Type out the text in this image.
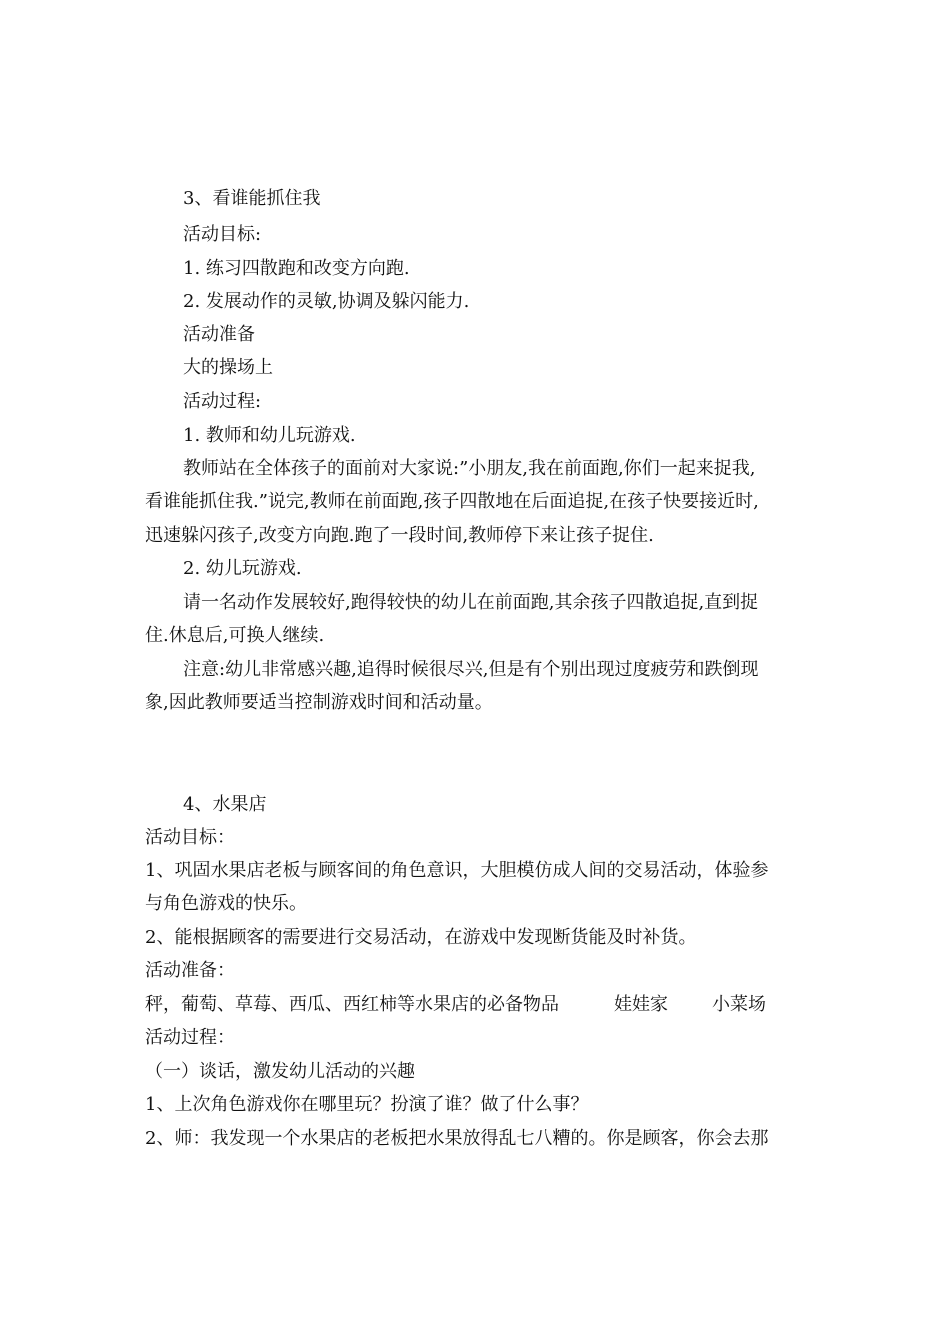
3、看谁能抓住我
活动目标:
1. 练习四散跑和改变方向跑.
2. 发展动作的灵敏,协调及躲闪能力.
活动准备
大的操场上
活动过程:
1. 教师和幼儿玩游戏.
教师站在全体孩子的面前对大家说:”小朋友,我在前面跑,你们一起来捉我,
看谁能抓住我.”说完,教师在前面跑,孩子四散地在后面追捉,在孩子快要接近时,
迅速躲闪孩子,改变方向跑.跑了一段时间,教师停下来让孩子捉住.
2. 幼儿玩游戏.
请一名动作发展较好,跑得较快的幼儿在前面跑,其余孩子四散追捉,直到捉
住.休息后,可换人继续.
注意:幼儿非常感兴趣,追得时候很尽兴,但是有个别出现过度疲劳和跌倒现
象,因此教师要适当控制游戏时间和活动量。
4、水果店
活动目标：
1、巩固水果店老板与顾客间的角色意识，大胆模仿成人间的交易活动，体验参
与角色游戏的快乐。
2、能根据顾客的需要进行交易活动，在游戏中发现断货能及时补货。
活动准备：
秤，葡萄、草莓、西瓜、西红柿等水果店的必备物品	娃娃家 小菜场
活动过程：
（一）谈话，激发幼儿活动的兴趣
1、上次角色游戏你在哪里玩？扮演了谁？做了什么事？
2、师：我发现一个水果店的老板把水果放得乱七八糟的。你是顾客，你会去那
